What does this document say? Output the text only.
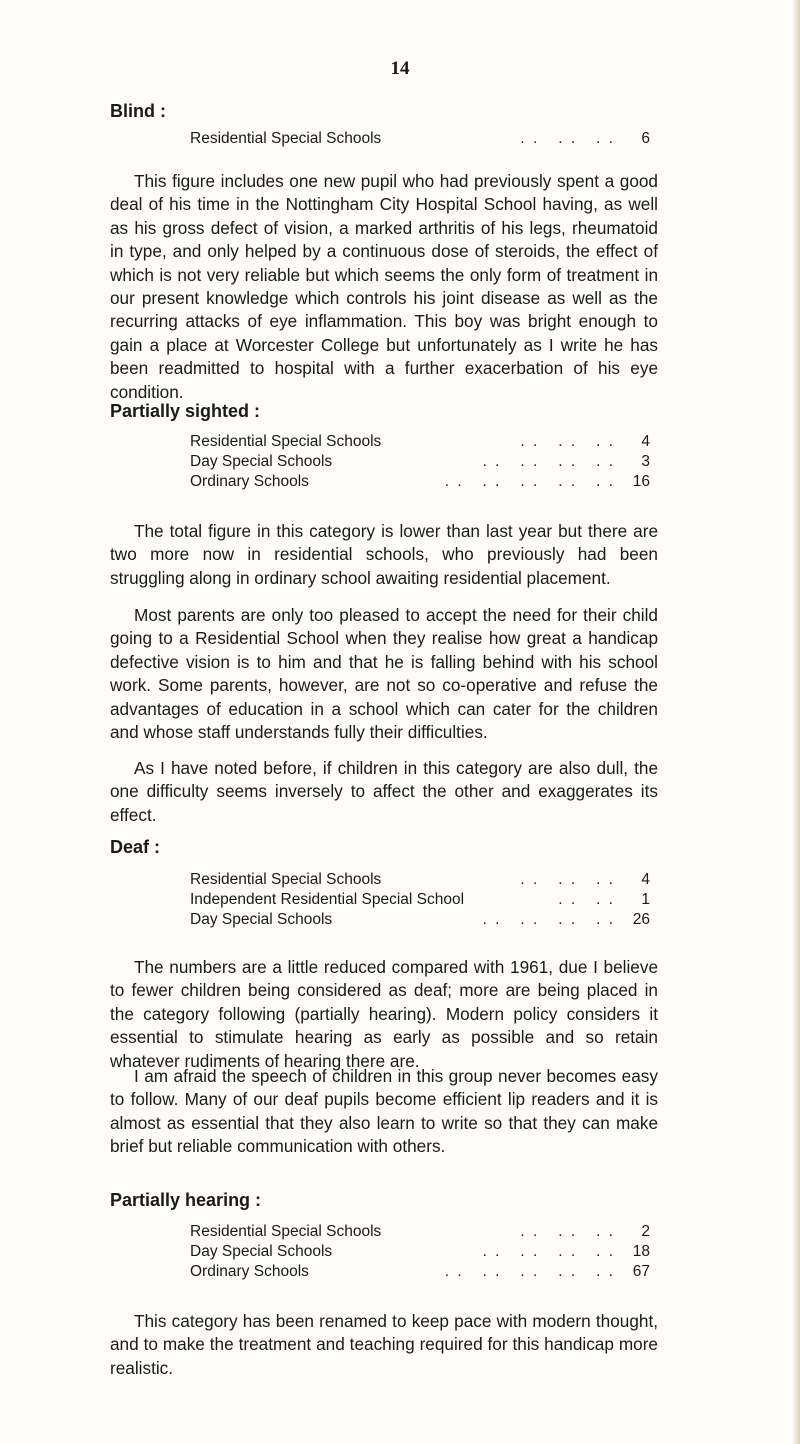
14
Blind :
Residential Special Schools	. .   . .   . .	6

This figure includes one new pupil who had previously spent a good deal of his time in the Nottingham City Hospital School having, as well as his gross defect of vision, a marked arthritis of his legs, rheumatoid in type, and only helped by a continuous dose of steroids, the effect of which is not very reliable but which seems the only form of treatment in our present knowledge which controls his joint disease as well as the recurring attacks of eye inflammation. This boy was bright enough to gain a place at Worcester College but unfortunately as I write he has been readmitted to hospital with a further exacerbation of his eye condition.

Partially sighted :
Residential Special Schools	. .   . .   . .	4
Day Special Schools	. .   . .   . .   . .	3
Ordinary Schools	. .   . .   . .   . .   . .	16

The total figure in this category is lower than last year but there are two more now in residential schools, who previously had been struggling along in ordinary school awaiting residential placement.

Most parents are only too pleased to accept the need for their child going to a Residential School when they realise how great a handicap defective vision is to him and that he is falling behind with his school work. Some parents, however, are not so co-operative and refuse the advantages of education in a school which can cater for the children and whose staff understands fully their difficulties.

As I have noted before, if children in this category are also dull, the one difficulty seems inversely to affect the other and exaggerates its effect.

Deaf :
Residential Special Schools	. .   . .   . .	4
Independent Residential Special School	. .   . .	1
Day Special Schools	. .   . .   . .   . .	26

The numbers are a little reduced compared with 1961, due I believe to fewer children being considered as deaf; more are being placed in the category following (partially hearing). Modern policy considers it essential to stimulate hearing as early as possible and so retain whatever rudiments of hearing there are.

I am afraid the speech of children in this group never becomes easy to follow. Many of our deaf pupils become efficient lip readers and it is almost as essential that they also learn to write so that they can make brief but reliable communication with others.

Partially hearing :
Residential Special Schools	. .   . .   . .	2
Day Special Schools	. .   . .   . .   . .	18
Ordinary Schools	. .   . .   . .   . .   . .	67

This category has been renamed to keep pace with modern thought, and to make the treatment and teaching required for this handicap more realistic.
